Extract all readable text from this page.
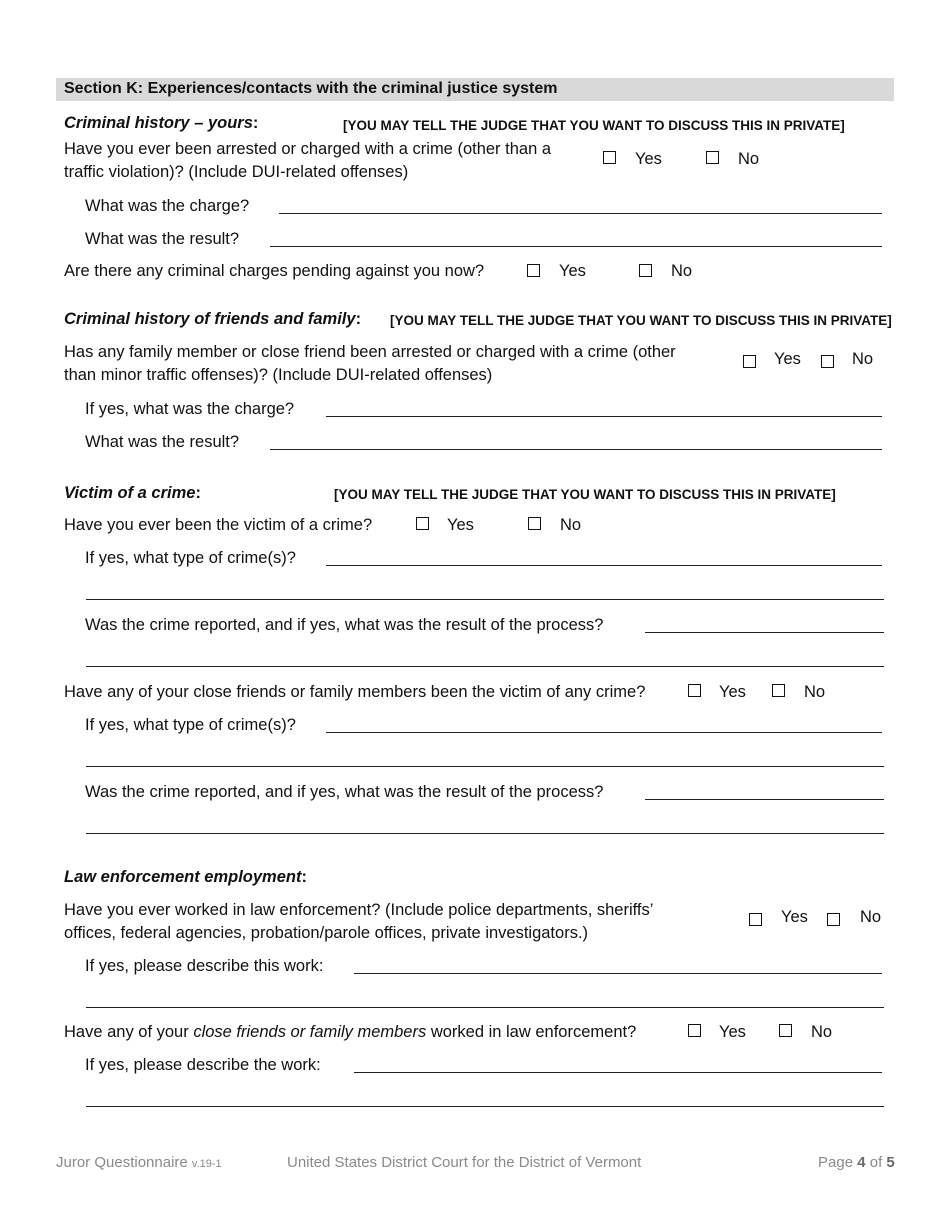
Section K: Experiences/contacts with the criminal justice system
Criminal history – yours:	[YOU MAY TELL THE JUDGE THAT YOU WANT TO DISCUSS THIS IN PRIVATE]
Have you ever been arrested or charged with a crime (other than a
traffic violation)? (Include DUI-related offenses)
Yes	No
What was the charge?
What was the result?
Are there any criminal charges pending against you now?	Yes	No
Criminal history of friends and family: [YOU MAY TELL THE JUDGE THAT YOU WANT TO DISCUSS THIS IN PRIVATE]
Has any family member or close friend been arrested or charged with a crime (other
than minor traffic offenses)? (Include DUI-related offenses)
Yes	No
If yes, what was the charge?
What was the result?
Victim of a crime:	[YOU MAY TELL THE JUDGE THAT YOU WANT TO DISCUSS THIS IN PRIVATE]
Have you ever been the victim of a crime?	Yes	No
If yes, what type of crime(s)?
Was the crime reported, and if yes, what was the result of the process?
Have any of your close friends or family members been the victim of any crime?	Yes	No
If yes, what type of crime(s)?
Was the crime reported, and if yes, what was the result of the process?
Law enforcement employment:
Have you ever worked in law enforcement? (Include police departments, sheriffs’
offices, federal agencies, probation/parole offices, private investigators.)
Yes	No
If yes, please describe this work:
Have any of your close friends or family members worked in law enforcement?	Yes	No
If yes, please describe the work:
Juror Questionnaire v.19-1	United States District Court for the District of Vermont	Page 4 of 5
